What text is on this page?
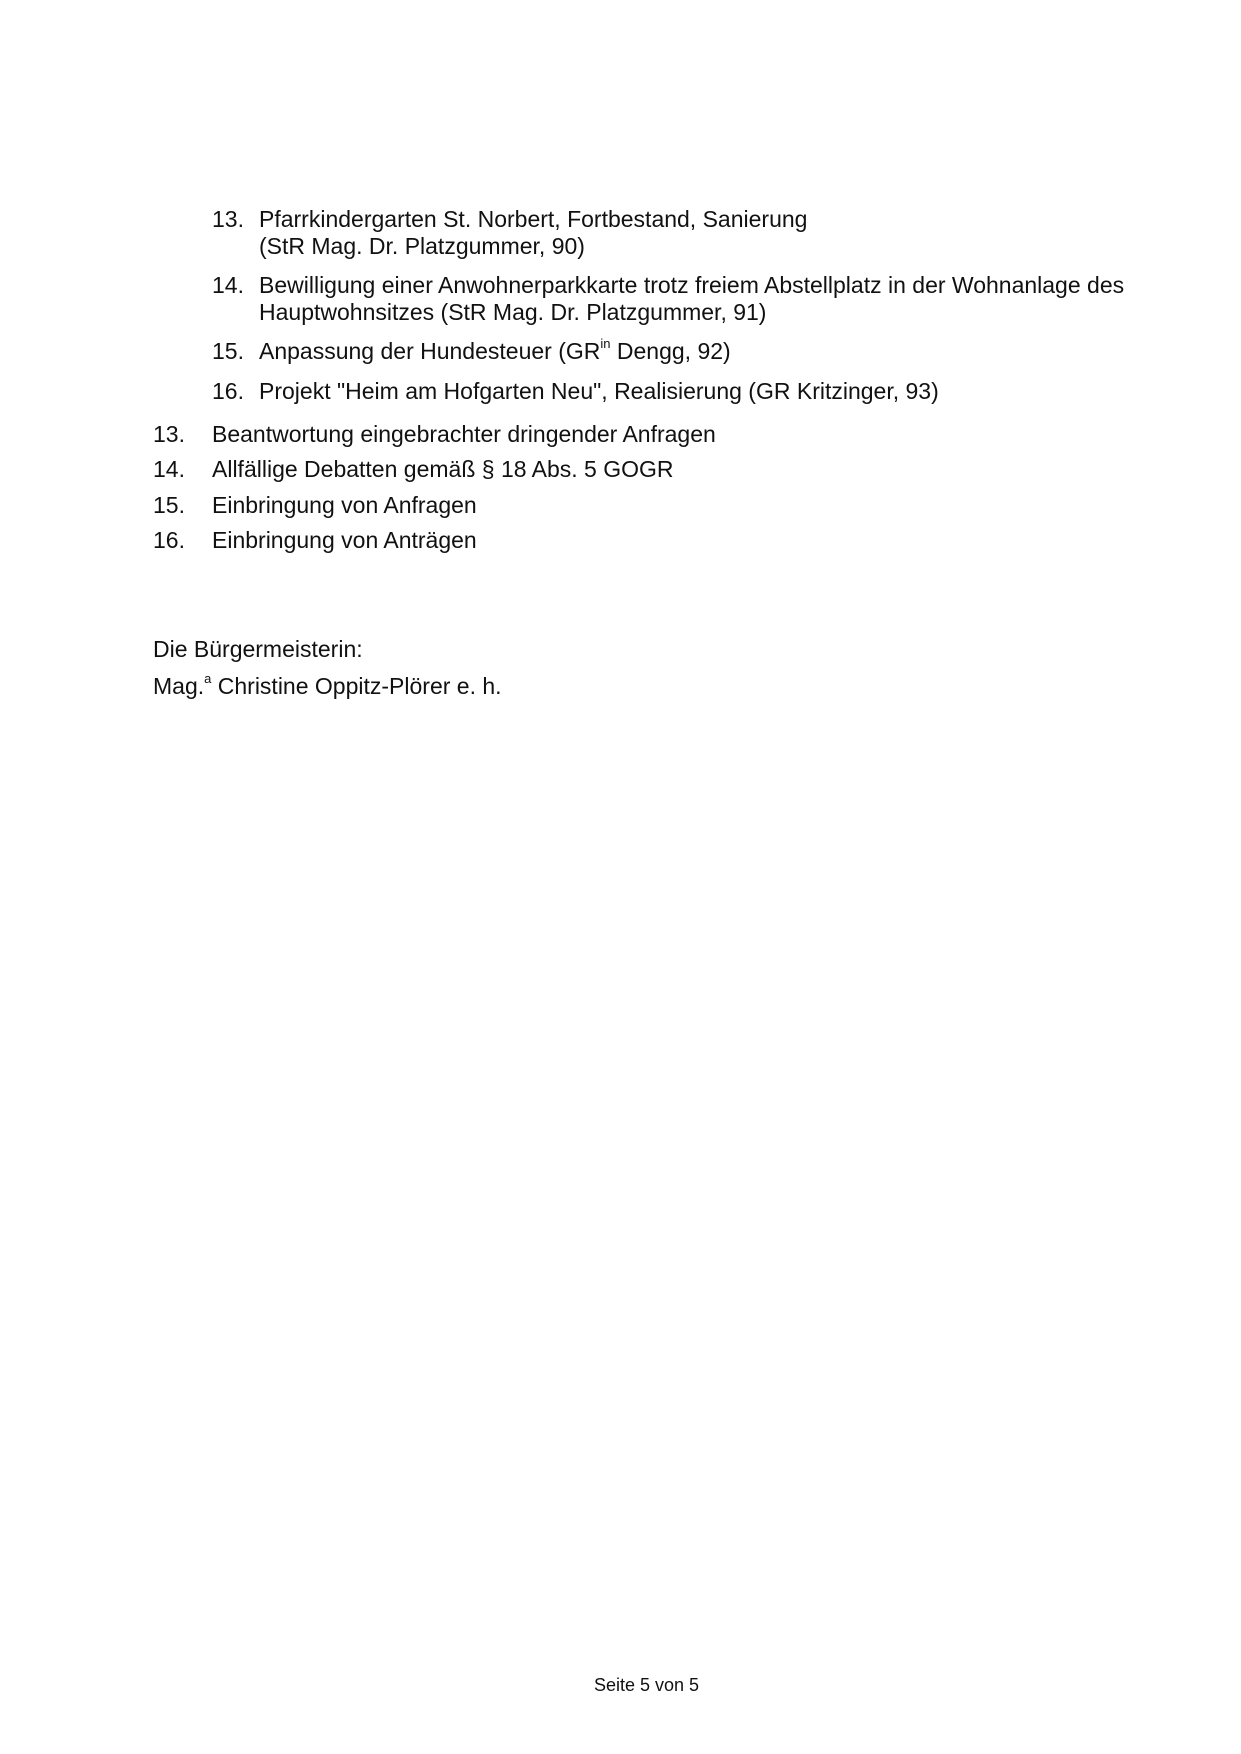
13. Pfarrkindergarten St. Norbert, Fortbestand, Sanierung
(StR Mag. Dr. Platzgummer, 90)
14. Bewilligung einer Anwohnerparkkarte trotz freiem Abstellplatz in der Wohnanlage des
Hauptwohnsitzes (StR Mag. Dr. Platzgummer, 91)
15. Anpassung der Hundesteuer ($GR^{in}$ Dengg, 92)
16. Projekt "Heim am Hofgarten Neu", Realisierung (GR Kritzinger, 93)
13.	Beantwortung eingebrachter dringender Anfragen
14.	Allfällige Debatten gemäß § 18 Abs. 5 GOGR
15.	Einbringung von Anfragen
16.	Einbringung von Anträgen
Die Bürgermeisterin:
Mag.$^a$ Christine Oppitz-Plörer e. h.
Seite 5 von 5
